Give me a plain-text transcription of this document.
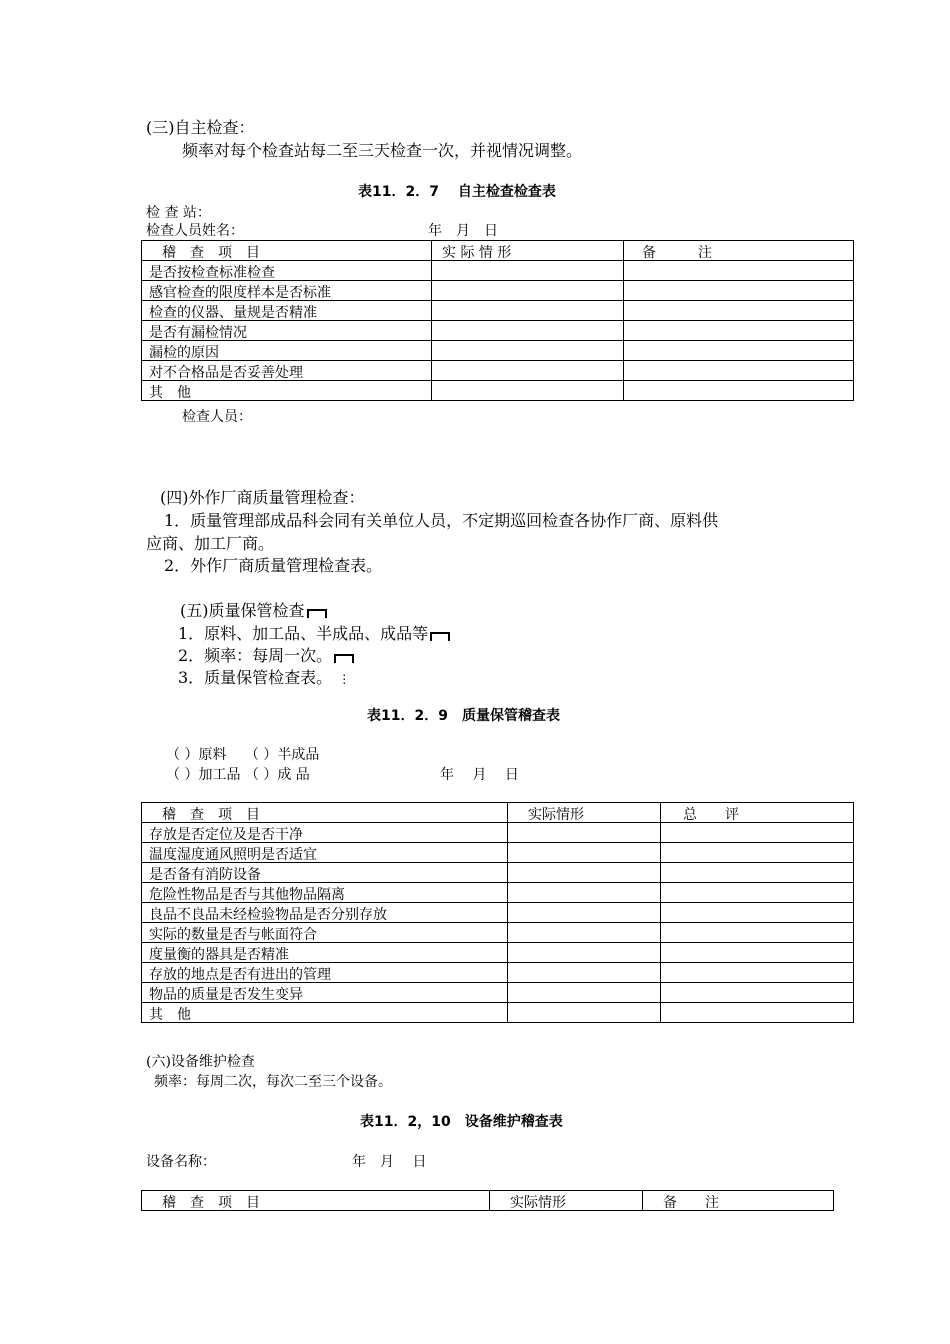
(三)自主检查：
频率对每个检查站每二至三天检查一次，并视情况调整。
表11．2．7　 自主检查检查表
检 查 站：
检查人员姓名：	年　月　日
稽　查　项　目	实 际 情 形	备　　　注
是否按检查标准检查		
感官检查的限度样本是否标准		
检查的仪器、量规是否精准		
是否有漏检情况		
漏检的原因		
对不合格品是否妥善处理		
其　他		
检查人员：
(四)外作厂商质量管理检查：
1．质量管理部成品科会同有关单位人员，不定期巡回检查各协作厂商、原料供
应商、加工厂商。
2．外作厂商质量管理检查表。
(五)质量保管检查
1．原料、加工品、半成品、成品等
2．频率：每周一次。
3．质量保管检查表。 ⋮
表11．2．9　质量保管稽查表
（ ）原料　 （ ）半成品
（ ）加工品 （ ）成 品	年　 月　 日
稽　查　项　目	实际情形	总　　评
存放是否定位及是否干净		
温度湿度通风照明是否适宜		
是否备有消防设备		
危险性物品是否与其他物品隔离		
良品不良品未经检验物品是否分别存放		
实际的数量是否与帐面符合		
度量衡的器具是否精准		
存放的地点是否有进出的管理		
物品的质量是否发生变异		
其　他		
(六)设备维护检查
频率：每周二次，每次二至三个设备。
表11．2，10　设备维护稽查表
设备名称：	年　月　 日
稽　查　项　目	实际情形	备　　注
